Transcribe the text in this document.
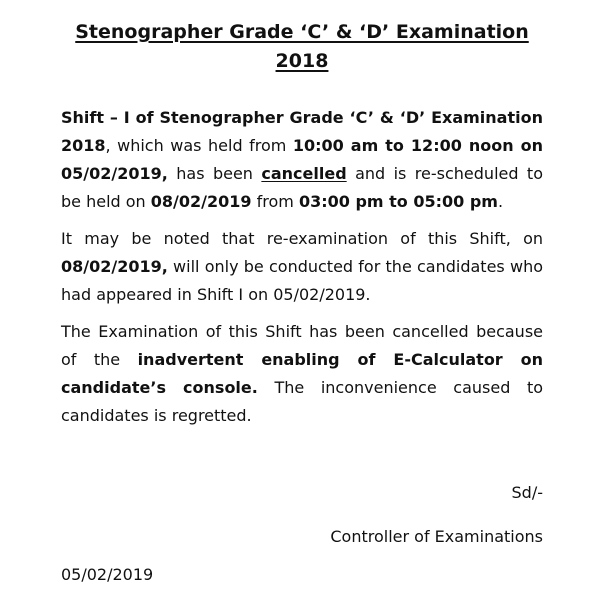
Stenographer Grade ‘C’ & ‘D’ Examination
2018

Shift – I of Stenographer Grade ‘C’ & ‘D’ Examination 2018, which was held from 10:00 am to 12:00 noon on 05/02/2019, has been cancelled and is re-scheduled to be held on 08/02/2019 from 03:00 pm to 05:00 pm.

It may be noted that re-examination of this Shift, on 08/02/2019, will only be conducted for the candidates who had appeared in Shift I on 05/02/2019.

The Examination of this Shift has been cancelled because of the inadvertent enabling of E-Calculator on candidate’s console. The inconvenience caused to candidates is regretted.

Sd/-
Controller of Examinations
05/02/2019
